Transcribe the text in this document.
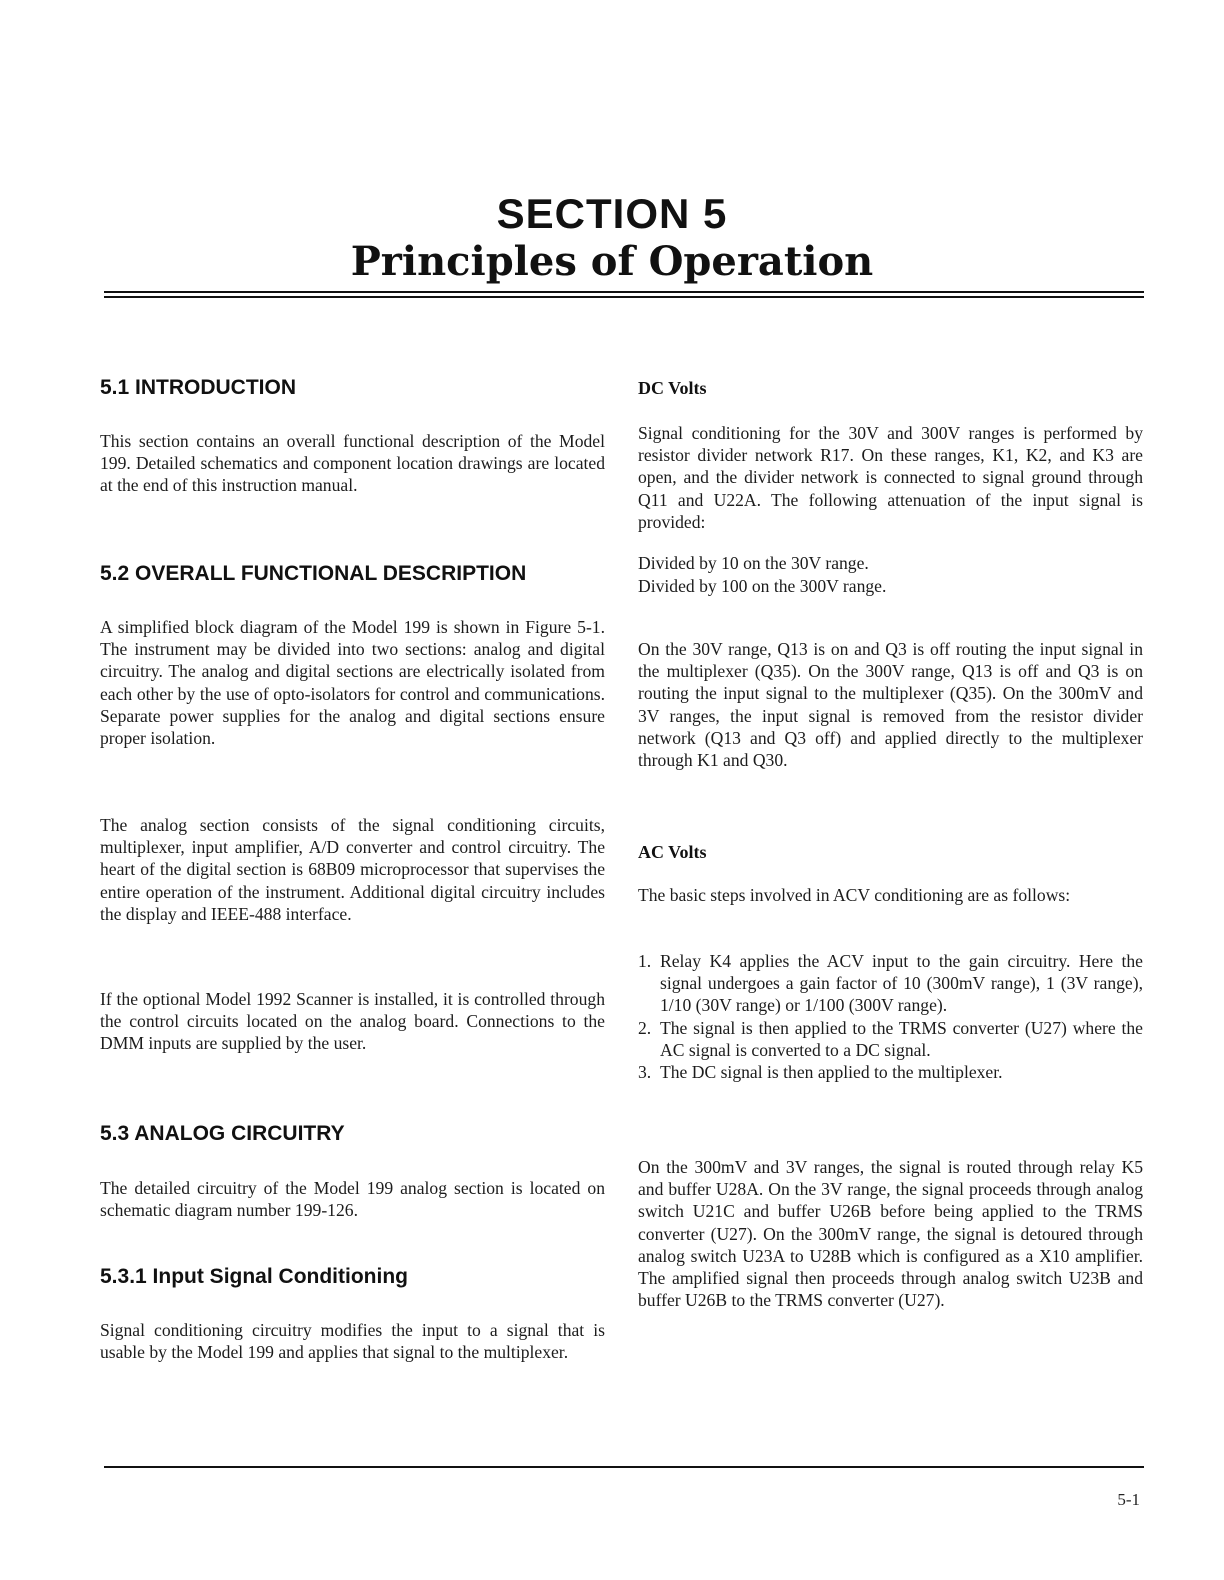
SECTION 5
Principles of Operation
5.1 INTRODUCTION

This section contains an overall functional description of the Model 199. Detailed schematics and component location drawings are located at the end of this instruction manual.

5.2 OVERALL FUNCTIONAL DESCRIPTION

A simplified block diagram of the Model 199 is shown in Figure 5-1. The instrument may be divided into two sections: analog and digital circuitry. The analog and digital sections are electrically isolated from each other by the use of opto-isolators for control and communications. Separate power supplies for the analog and digital sections ensure proper isolation.

The analog section consists of the signal conditioning circuits, multiplexer, input amplifier, A/D converter and control circuitry. The heart of the digital section is 68B09 microprocessor that supervises the entire operation of the instrument. Additional digital circuitry includes the display and IEEE-488 interface.

If the optional Model 1992 Scanner is installed, it is controlled through the control circuits located on the analog board. Connections to the DMM inputs are supplied by the user.

5.3 ANALOG CIRCUITRY

The detailed circuitry of the Model 199 analog section is located on schematic diagram number 199-126.

5.3.1 Input Signal Conditioning

Signal conditioning circuitry modifies the input to a signal that is usable by the Model 199 and applies that signal to the multiplexer.

DC Volts

Signal conditioning for the 30V and 300V ranges is performed by resistor divider network R17. On these ranges, K1, K2, and K3 are open, and the divider network is connected to signal ground through Q11 and U22A. The following attenuation of the input signal is provided:

Divided by 10 on the 30V range.

Divided by 100 on the 300V range.

On the 30V range, Q13 is on and Q3 is off routing the input signal in the multiplexer (Q35). On the 300V range, Q13 is off and Q3 is on routing the input signal to the multiplexer (Q35). On the 300mV and 3V ranges, the input signal is removed from the resistor divider network (Q13 and Q3 off) and applied directly to the multiplexer through K1 and Q30.

AC Volts

The basic steps involved in ACV conditioning are as follows:

1. Relay K4 applies the ACV input to the gain circuitry. Here the signal undergoes a gain factor of 10 (300mV range), 1 (3V range), 1/10 (30V range) or 1/100 (300V range).
2. The signal is then applied to the TRMS converter (U27) where the AC signal is converted to a DC signal.
3. The DC signal is then applied to the multiplexer.

On the 300mV and 3V ranges, the signal is routed through relay K5 and buffer U28A. On the 3V range, the signal proceeds through analog switch U21C and buffer U26B before being applied to the TRMS converter (U27). On the 300mV range, the signal is detoured through analog switch U23A to U28B which is configured as a X10 amplifier. The amplified signal then proceeds through analog switch U23B and buffer U26B to the TRMS converter (U27).

5-1
